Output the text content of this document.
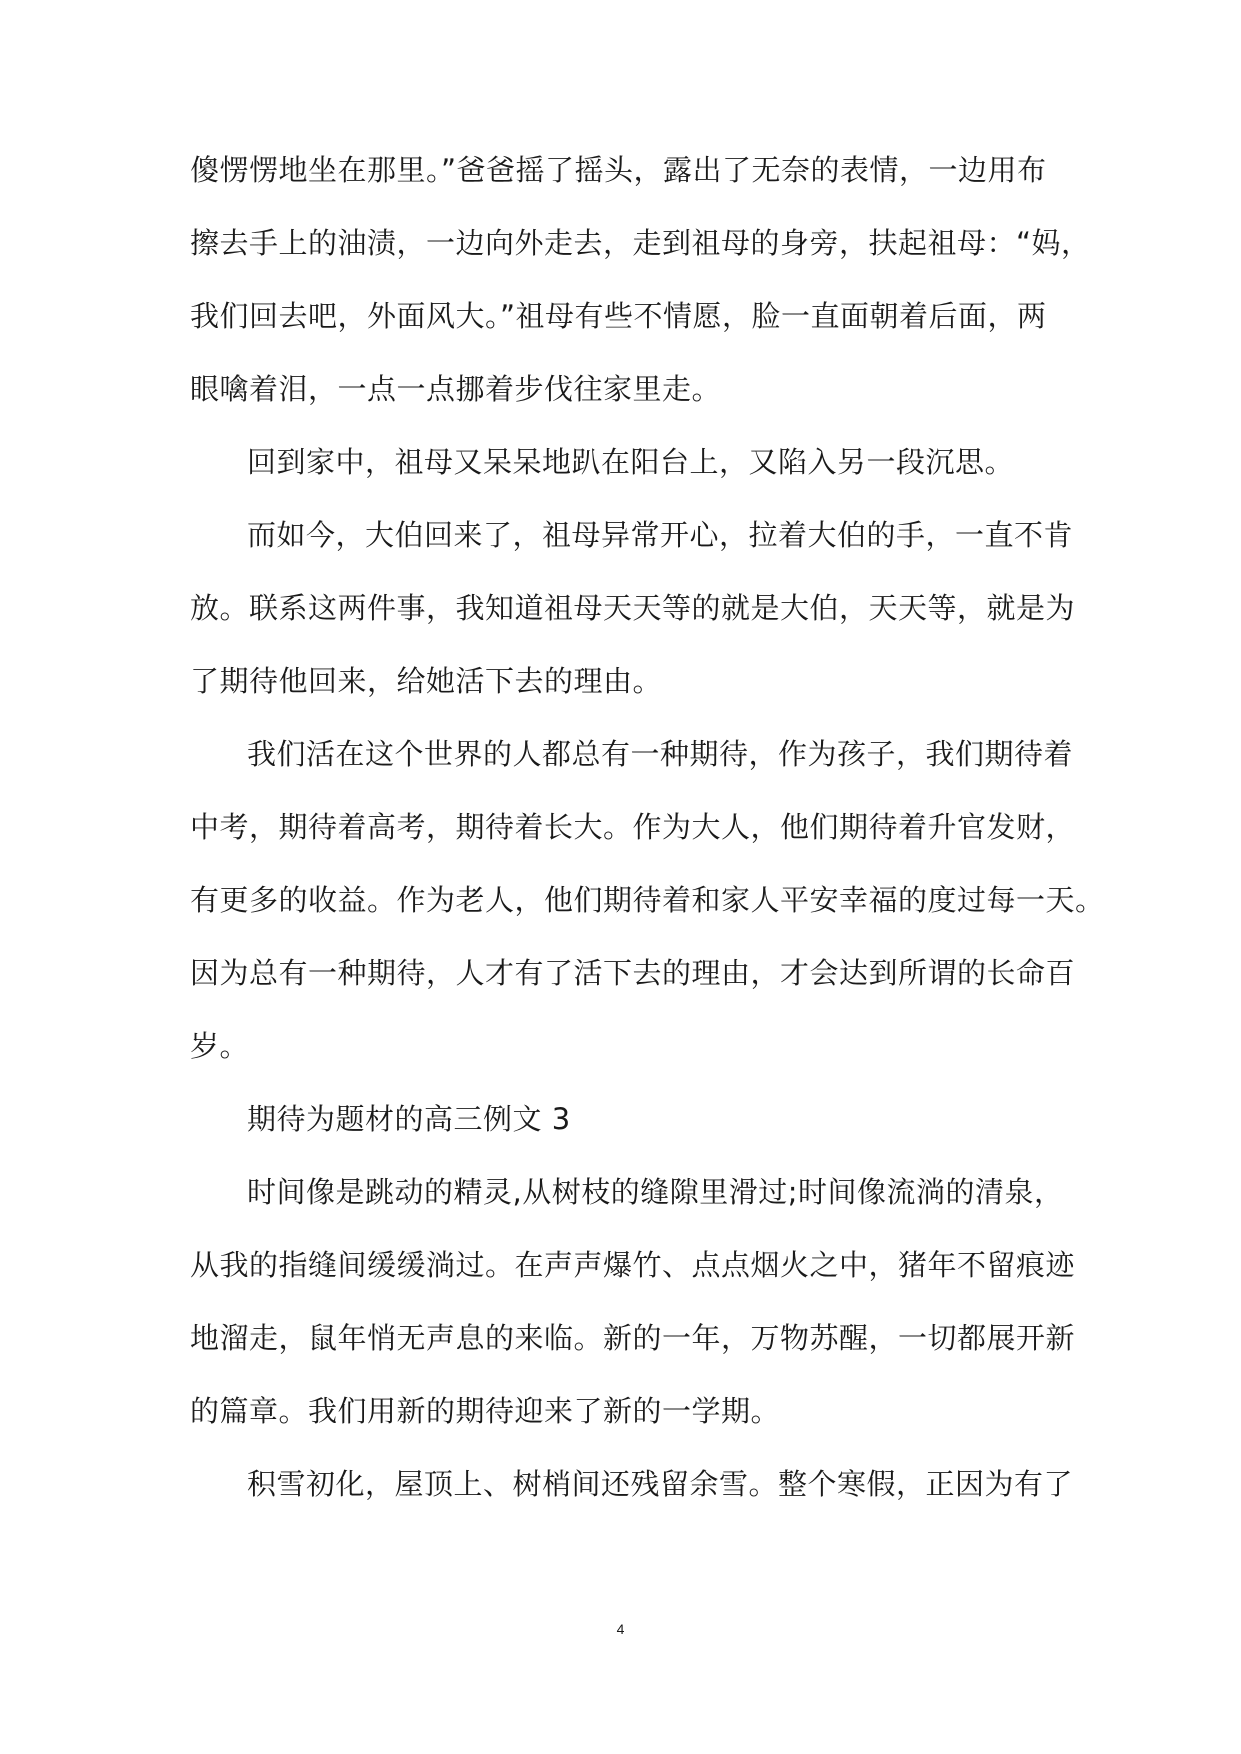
傻愣愣地坐在那里。”爸爸摇了摇头，露出了无奈的表情，一边用布
擦去手上的油渍，一边向外走去，走到祖母的身旁，扶起祖母：“妈，
我们回去吧，外面风大。”祖母有些不情愿，脸一直面朝着后面，两
眼噙着泪，一点一点挪着步伐往家里走。
回到家中，祖母又呆呆地趴在阳台上，又陷入另一段沉思。
而如今，大伯回来了，祖母异常开心，拉着大伯的手，一直不肯
放。联系这两件事，我知道祖母天天等的就是大伯，天天等，就是为
了期待他回来，给她活下去的理由。
我们活在这个世界的人都总有一种期待，作为孩子，我们期待着
中考，期待着高考，期待着长大。作为大人，他们期待着升官发财，
有更多的收益。作为老人，他们期待着和家人平安幸福的度过每一天。
因为总有一种期待，人才有了活下去的理由，才会达到所谓的长命百
岁。
期待为题材的高三例文 3
时间像是跳动的精灵,从树枝的缝隙里滑过;时间像流淌的清泉，
从我的指缝间缓缓淌过。在声声爆竹、点点烟火之中，猪年不留痕迹
地溜走，鼠年悄无声息的来临。新的一年，万物苏醒，一切都展开新
的篇章。我们用新的期待迎来了新的一学期。
积雪初化，屋顶上、树梢间还残留余雪。整个寒假，正因为有了
4
